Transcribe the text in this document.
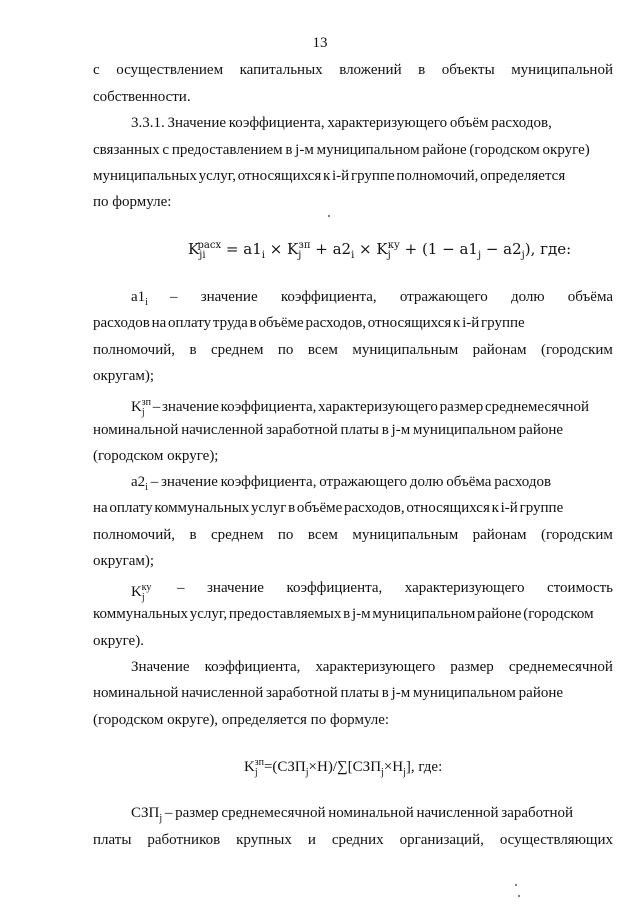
13
с осуществлением капитальных вложений в объекты муниципальной
собственности.
3.3.1. Значение коэффициента, характеризующего объём расходов,
связанных с предоставлением в j-м муниципальном районе (городском округе)
муниципальных услуг, относящихся к i-й группе полномочий, определяется
по формуле:
$K_{ji}^{расх} = a1_i \times K_j^{зп} + a2_i \times K_j^{ку} + (1 - a1_j - a2_j)$, где:
$a1_i$ – значение коэффициента, отражающего долю объёма
расходов на оплату труда в объёме расходов, относящихся к i-й группе
полномочий, в среднем по всем муниципальным районам (городским
округам);
$K_j^{зп}$ – значение коэффициента, характеризующего размер среднемесячной
номинальной начисленной заработной платы в j-м муниципальном районе
(городском округе);
$a2_i$ – значение коэффициента, отражающего долю объёма расходов
на оплату коммунальных услуг в объёме расходов, относящихся к i-й группе
полномочий, в среднем по всем муниципальным районам (городским
округам);
$K_j^{ку}$ – значение коэффициента, характеризующего стоимость
коммунальных услуг, предоставляемых в j-м муниципальном районе (городском
округе).
Значение коэффициента, характеризующего размер среднемесячной
номинальной начисленной заработной платы в j-м муниципальном районе
(городском округе), определяется по формуле:
$K_j^{зп}=(СЗП_j\times Н)/\sum[СЗП_j\times Н_j]$, где:
$СЗП_j$ – размер среднемесячной номинальной начисленной заработной
платы работников крупных и средних организаций, осуществляющих
